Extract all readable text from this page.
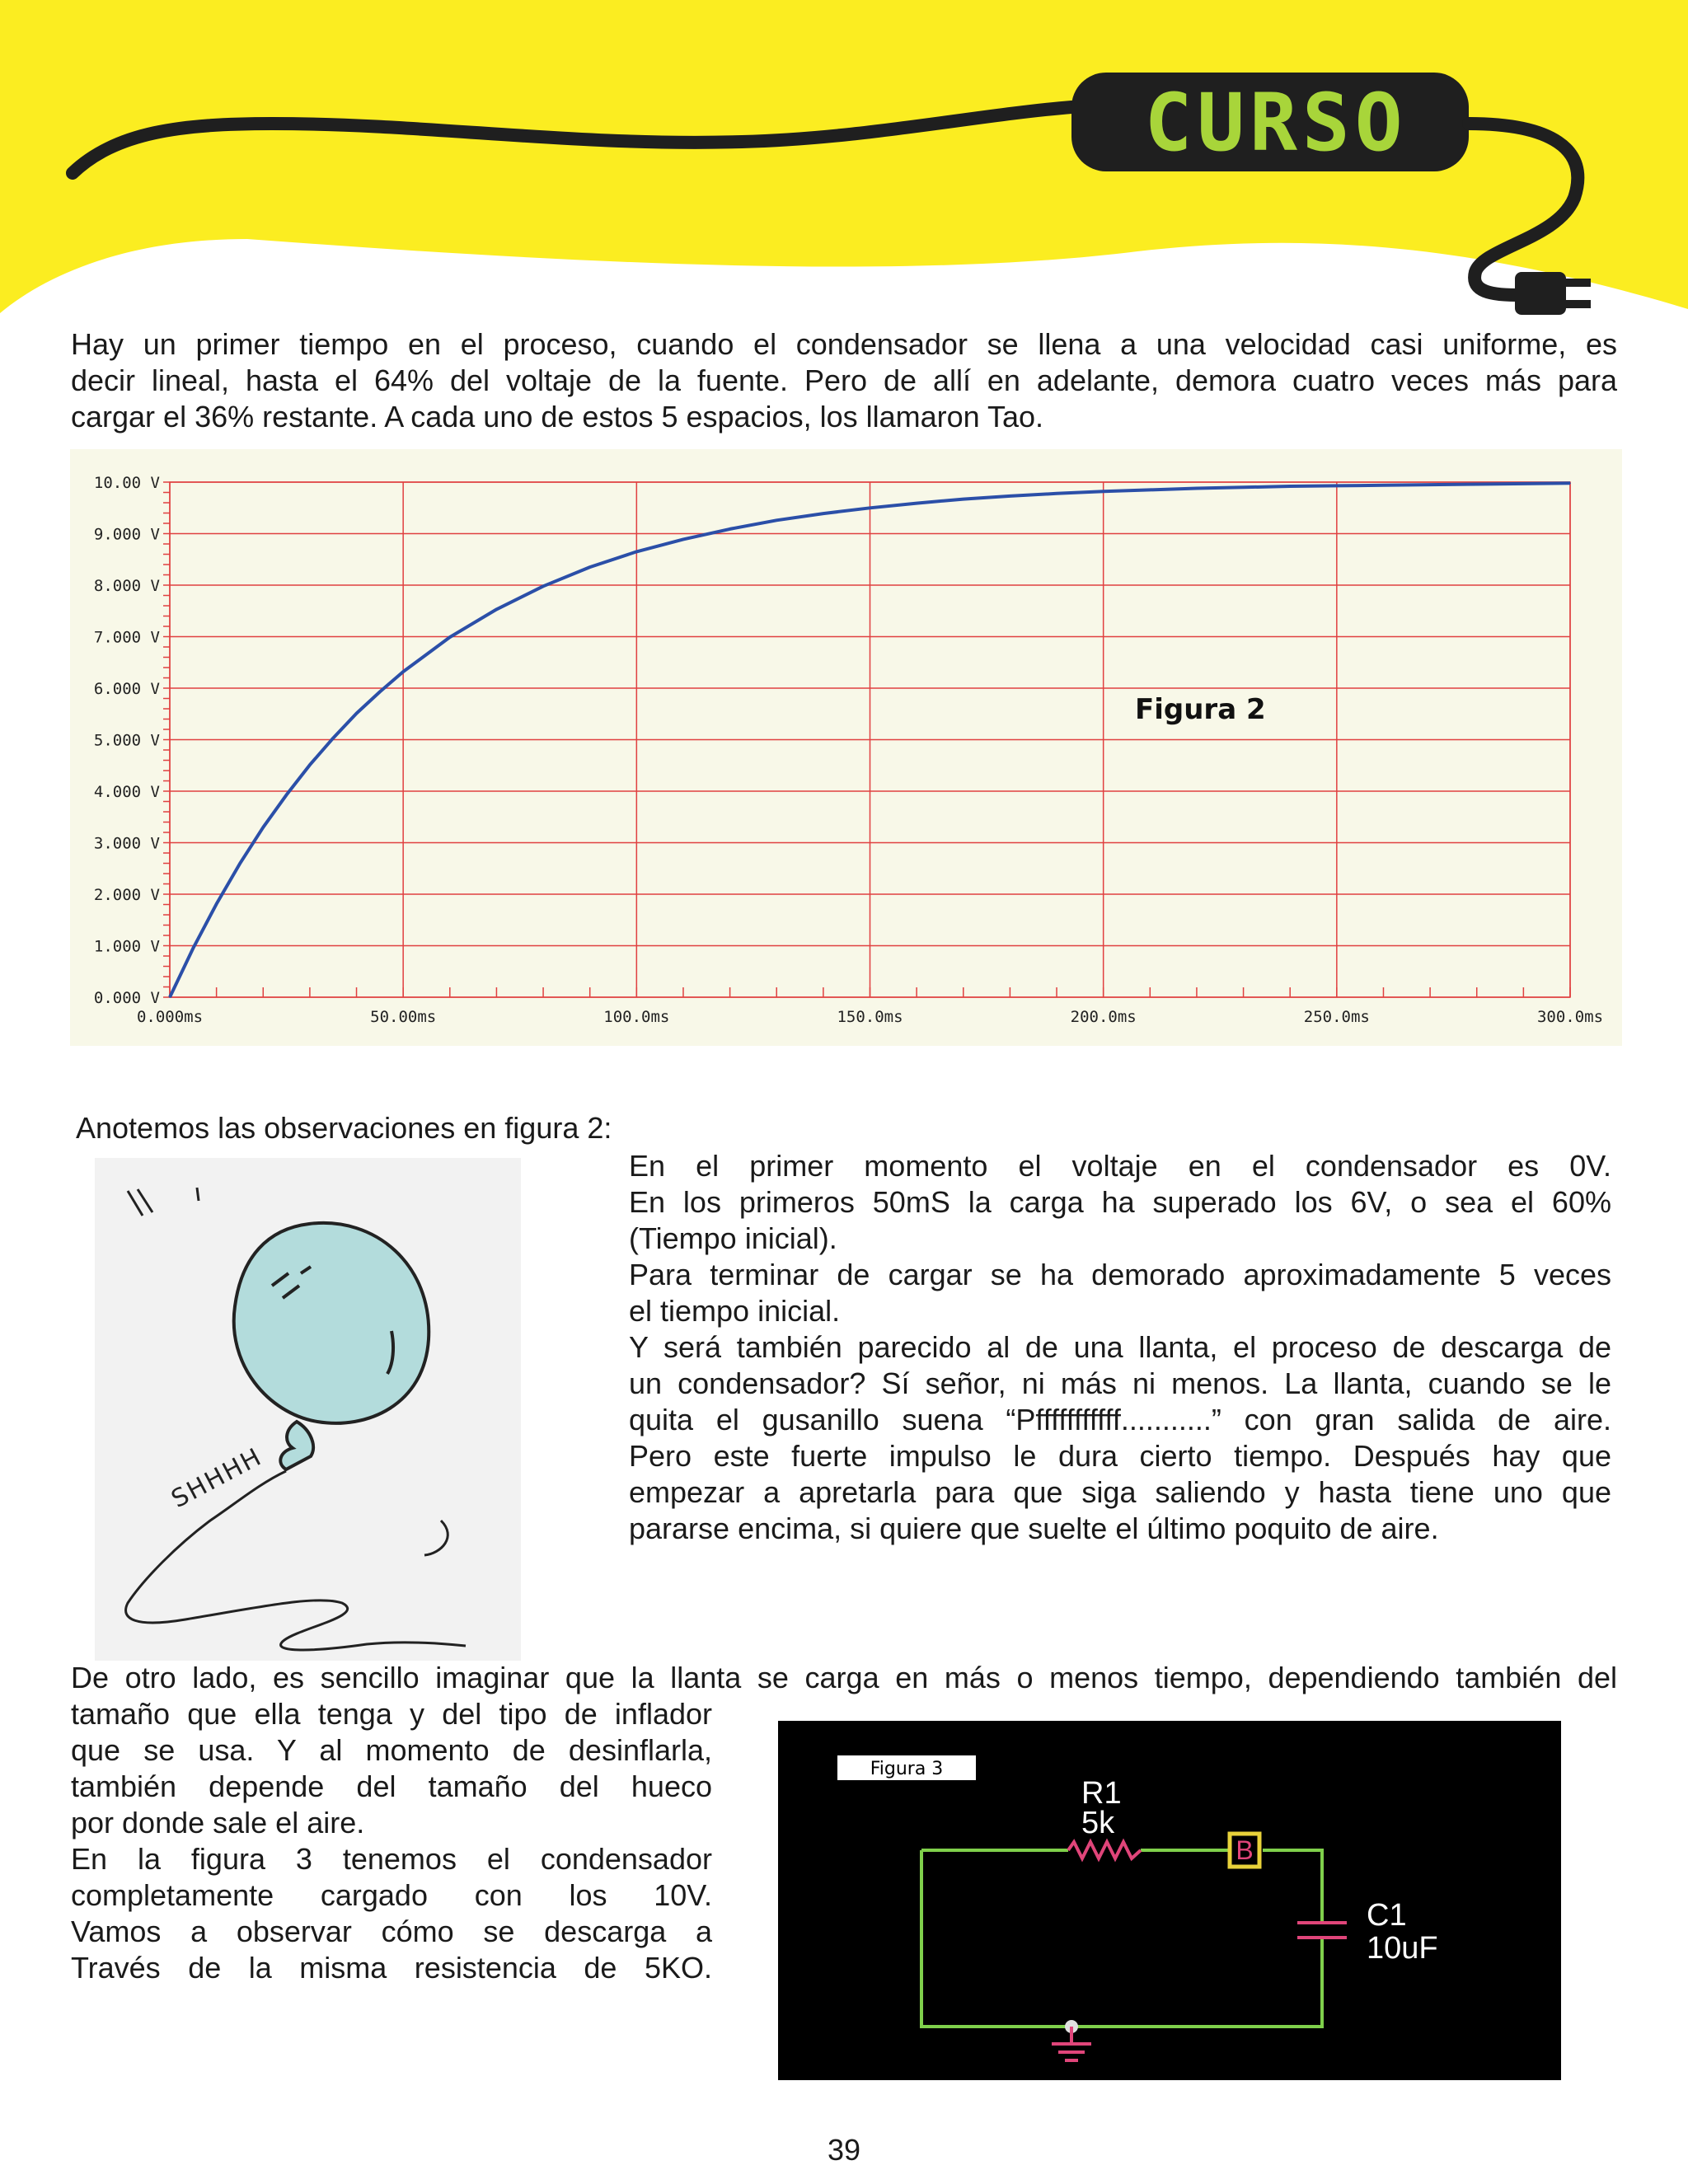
CURSO
Hay un primer tiempo en el proceso, cuando el condensador se llena a una velocidad casi uniforme, es
decir lineal, hasta el 64% del voltaje de la fuente. Pero de allí en adelante, demora cuatro veces más para
cargar el 36% restante. A cada uno de estos 5 espacios, los llamaron Tao.
0.000 V
1.000 V
2.000 V
3.000 V
4.000 V
5.000 V
6.000 V
7.000 V
8.000 V
9.000 V
10.00 V
0.000ms	50.00ms	100.0ms	150.0ms	200.0ms	250.0ms	300.0ms
Figura 2
Anotemos las observaciones en figura 2:
SHHHH
En el primer momento el voltaje en el condensador es 0V.
En los primeros 50mS la carga ha superado los 6V, o sea el 60%
(Tiempo inicial).
Para terminar de cargar se ha demorado aproximadamente 5 veces
el tiempo inicial.
Y será también parecido al de una llanta, el proceso de descarga de
un condensador? Sí señor, ni más ni menos. La llanta, cuando se le
quita el gusanillo suena “Pfffffffffff...........” con gran salida de aire.
Pero este fuerte impulso le dura cierto tiempo. Después hay que
empezar a apretarla para que siga saliendo y hasta tiene uno que
pararse encima, si quiere que suelte el último poquito de aire.
De otro lado, es sencillo imaginar que la llanta se carga en más o menos tiempo, dependiendo también del
tamaño que ella tenga y del tipo de inflador
que se usa. Y al momento de desinflarla,
también depende del tamaño del hueco
por donde sale el aire.
En la figura 3 tenemos el condensador
completamente cargado con los 10V.
Vamos a observar cómo se descarga a
Través de la misma resistencia de 5KO.
Figura 3
R1
5k
B
C1
10uF
39
